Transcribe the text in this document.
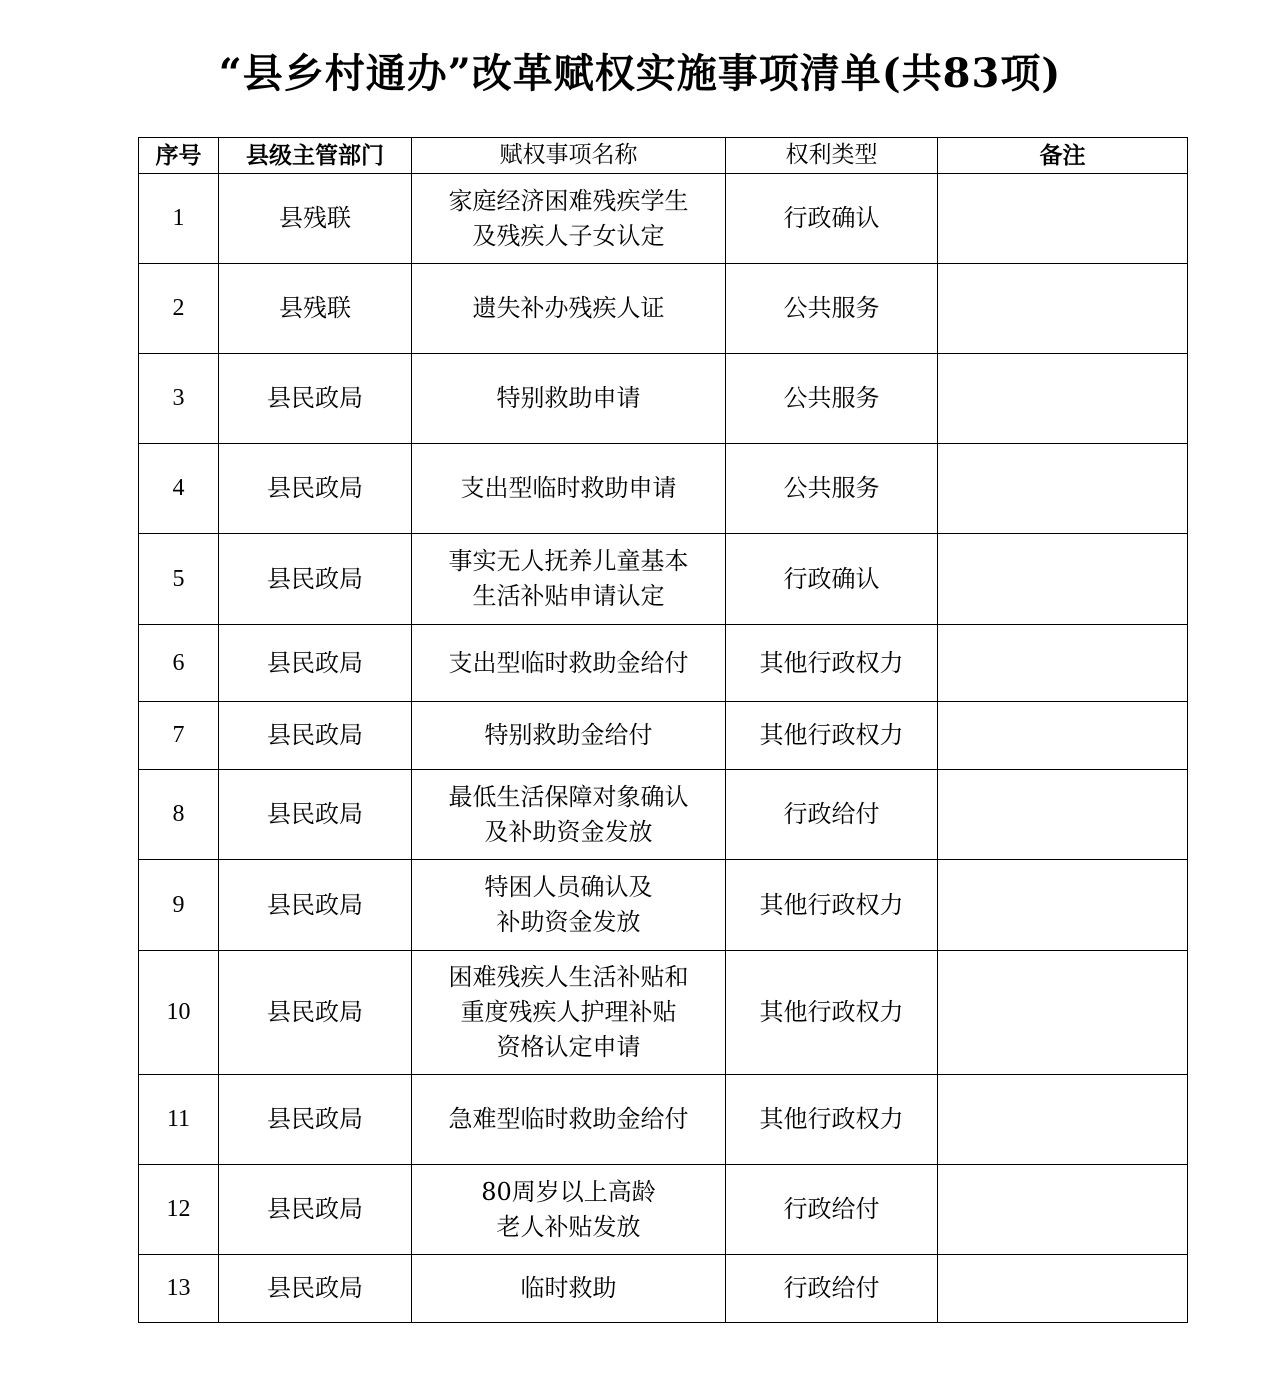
“县乡村通办”改革赋权实施事项清单(共83项)
序号	县级主管部门	赋权事项名称	权利类型	备注
1	县残联	家庭经济困难残疾学生
及残疾人子女认定	行政确认	
2	县残联	遗失补办残疾人证	公共服务	
3	县民政局	特别救助申请	公共服务	
4	县民政局	支出型临时救助申请	公共服务	
5	县民政局	事实无人抚养儿童基本
生活补贴申请认定	行政确认	
6	县民政局	支出型临时救助金给付	其他行政权力	
7	县民政局	特别救助金给付	其他行政权力	
8	县民政局	最低生活保障对象确认
及补助资金发放	行政给付	
9	县民政局	特困人员确认及
补助资金发放	其他行政权力	
10	县民政局	困难残疾人生活补贴和
重度残疾人护理补贴
资格认定申请	其他行政权力	
11	县民政局	急难型临时救助金给付	其他行政权力	
12	县民政局	80周岁以上高龄
老人补贴发放	行政给付	
13	县民政局	临时救助	行政给付	
